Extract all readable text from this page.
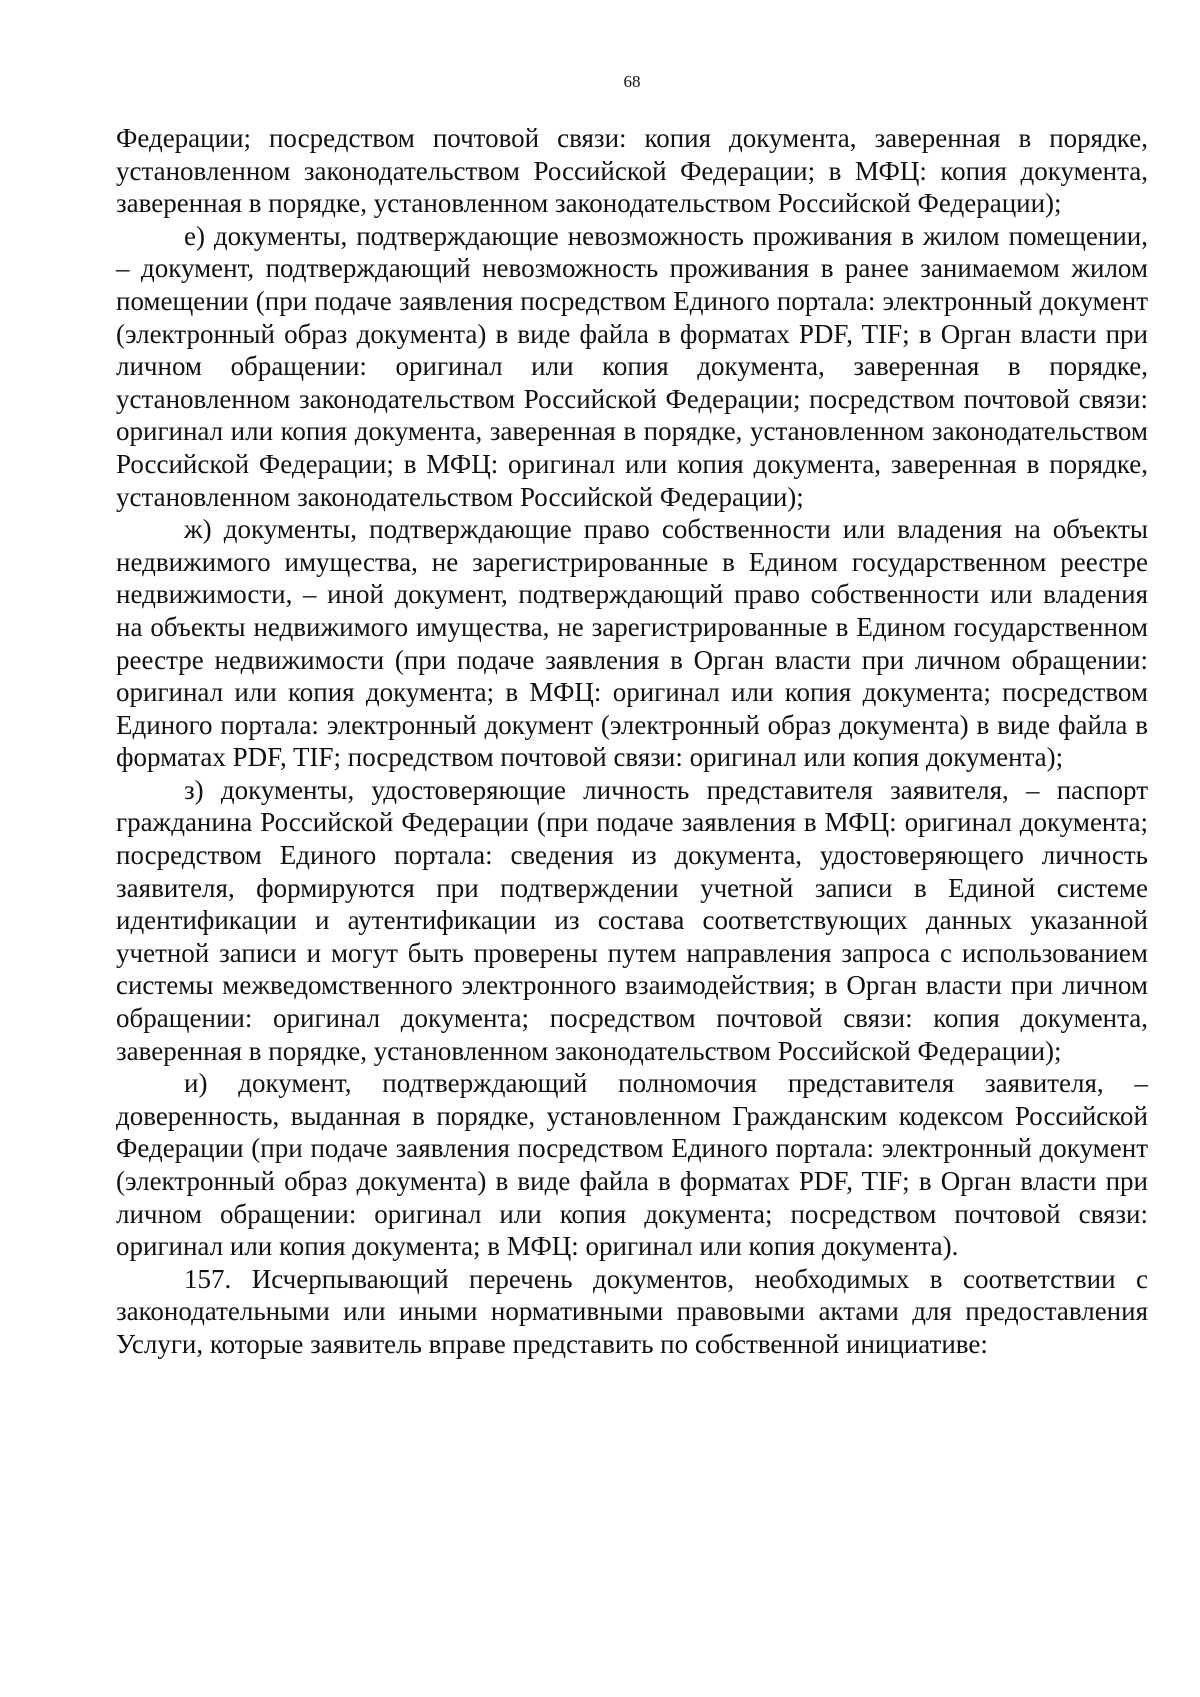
68

Федерации; посредством почтовой связи: копия документа, заверенная в порядке, установленном законодательством Российской Федерации; в МФЦ: копия документа, заверенная в порядке, установленном законодательством Российской Федерации);

е) документы, подтверждающие невозможность проживания в жилом помещении, – документ, подтверждающий невозможность проживания в ранее занимаемом жилом помещении (при подаче заявления посредством Единого портала: электронный документ (электронный образ документа) в виде файла в форматах PDF, TIF; в Орган власти при личном обращении: оригинал или копия документа, заверенная в порядке, установленном законодательством Российской Федерации; посредством почтовой связи: оригинал или копия документа, заверенная в порядке, установленном законодательством Российской Федерации; в МФЦ: оригинал или копия документа, заверенная в порядке, установленном законодательством Российской Федерации);

ж) документы, подтверждающие право собственности или владения на объекты недвижимого имущества, не зарегистрированные в Едином государственном реестре недвижимости, – иной документ, подтверждающий право собственности или владения на объекты недвижимого имущества, не зарегистрированные в Едином государственном реестре недвижимости (при подаче заявления в Орган власти при личном обращении: оригинал или копия документа; в МФЦ: оригинал или копия документа; посредством Единого портала: электронный документ (электронный образ документа) в виде файла в форматах PDF, TIF; посредством почтовой связи: оригинал или копия документа);

з) документы, удостоверяющие личность представителя заявителя, – паспорт гражданина Российской Федерации (при подаче заявления в МФЦ: оригинал документа; посредством Единого портала: сведения из документа, удостоверяющего личность заявителя, формируются при подтверждении учетной записи в Единой системе идентификации и аутентификации из состава соответствующих данных указанной учетной записи и могут быть проверены путем направления запроса с использованием системы межведомственного электронного взаимодействия; в Орган власти при личном обращении: оригинал документа; посредством почтовой связи: копия документа, заверенная в порядке, установленном законодательством Российской Федерации);

и) документ, подтверждающий полномочия представителя заявителя, – доверенность, выданная в порядке, установленном Гражданским кодексом Российской Федерации (при подаче заявления посредством Единого портала: электронный документ (электронный образ документа) в виде файла в форматах PDF, TIF; в Орган власти при личном обращении: оригинал или копия документа; посредством почтовой связи: оригинал или копия документа; в МФЦ: оригинал или копия документа).

157. Исчерпывающий перечень документов, необходимых в соответствии с законодательными или иными нормативными правовыми актами для предоставления Услуги, которые заявитель вправе представить по собственной инициативе:
